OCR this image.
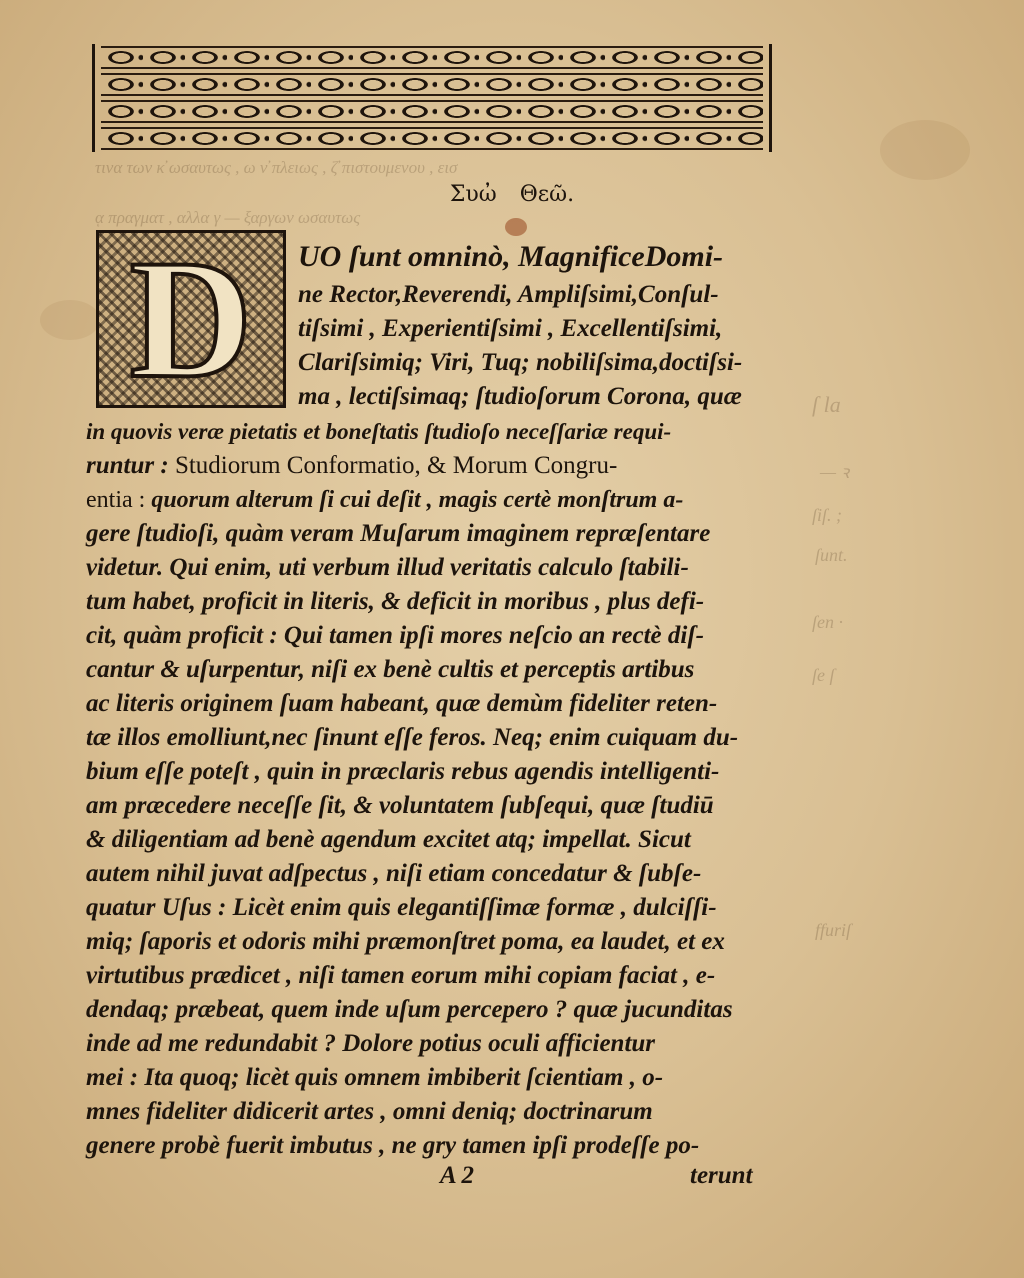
ſ la
— ꝛ
ſiſ. ;
ſunt.
ſen ·
ſe ſ
ffuriſ
τινα των κ̓ ωσαυτως , ω ν̓ πλειως , ζ̓ πιστουμενου , εισ
ᾳ πραγματ , αλλα γ — ξαργων ωσαυτως
Συὠ Θεῶ.
D UO ſunt omninò, MagnificeDomi-
ne Rector,Reverendi, Ampliſsimi,Conſul-
tiſsimi , Experientiſsimi , Excellentiſsimi,
Clariſsimiq; Viri, Tuq; nobiliſsima,doctiſsi-
ma , lectiſsimaq; ſtudioſorum Corona, quæ
in quovis veræ pietatis et boneſtatis ſtudioſo neceſſariæ requi-
runtur : Studiorum Conformatio, & Morum Congru-
entia : quorum alterum ſi cui deſit , magis certè monſtrum a-
gere ſtudioſi, quàm veram Muſarum imaginem repræſentare
videtur. Qui enim, uti verbum illud veritatis calculo ſtabili-
tum habet, proficit in literis, & deficit in moribus , plus defi-
cit, quàm proficit : Qui tamen ipſi mores neſcio an rectè diſ-
cantur & uſurpentur, niſi ex benè cultis et perceptis artibus
ac literis originem ſuam habeant, quæ demùm fideliter reten-
tæ illos emolliunt,nec ſinunt eſſe feros. Neq; enim cuiquam du-
bium eſſe poteſt , quin in præclaris rebus agendis intelligenti-
am præcedere neceſſe ſit, & voluntatem ſubſequi, quæ ſtudiū
& diligentiam ad benè agendum excitet atq; impellat. Sicut
autem nihil juvat adſpectus , niſi etiam concedatur & ſubſe-
quatur Uſus : Licèt enim quis elegantiſſimæ formæ , dulciſſi-
miq; ſaporis et odoris mihi præmonſtret poma, ea laudet, et ex
virtutibus prædicet , niſi tamen eorum mihi copiam faciat , e-
dendaq; præbeat, quem inde uſum percepero ? quæ jucunditas
inde ad me redundabit ? Dolore potius oculi afficientur
mei : Ita quoq; licèt quis omnem imbiberit ſcientiam , o-
mnes fideliter didicerit artes , omni deniq; doctrinarum
genere probè fuerit imbutus , ne gry tamen ipſi prodeſſe po-
A 2	terunt
